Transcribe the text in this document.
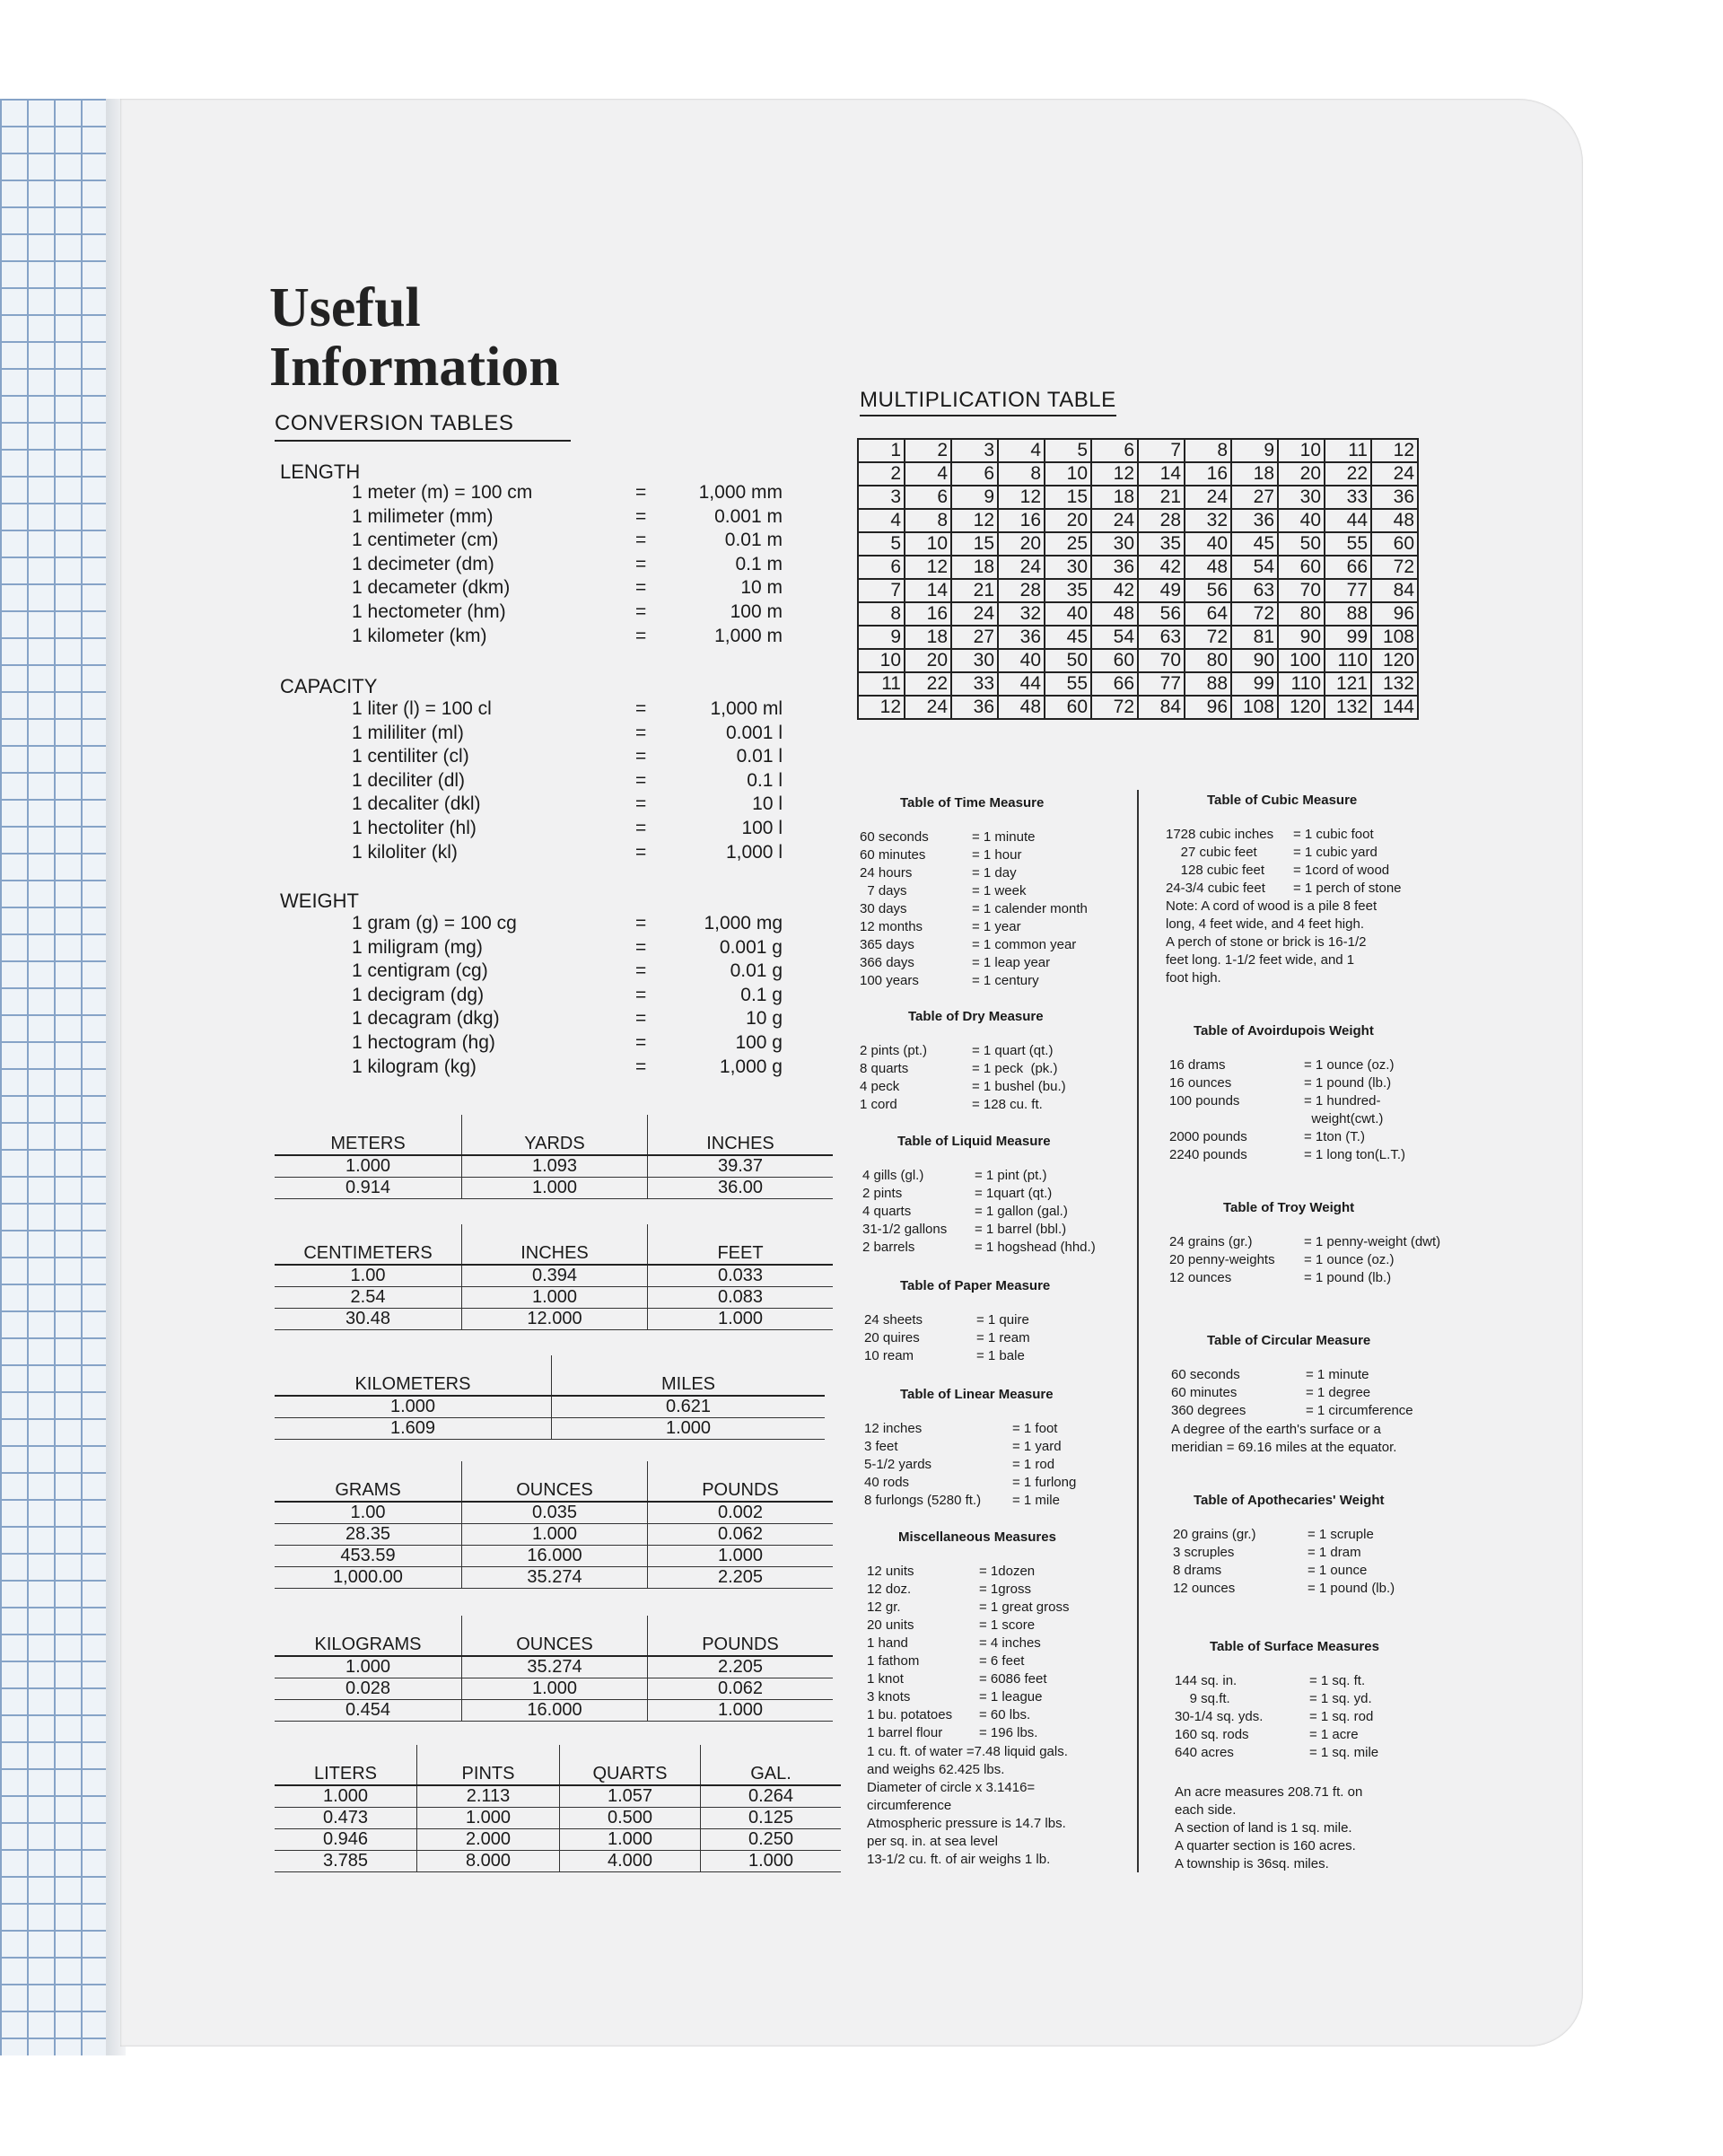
Useful
Information
CONVERSION TABLES
MULTIPLICATION TABLE
LENGTH
1 meter (m) = 100 cm	=	1,000 mm
1 milimeter (mm)	=	0.001 m
1 centimeter (cm)	=	0.01 m
1 decimeter (dm)	=	0.1 m
1 decameter (dkm)	=	10 m
1 hectometer (hm)	=	100 m
1 kilometer (km)	=	1,000 m
CAPACITY
1 liter (l) = 100 cl	=	1,000 ml
1 mililiter (ml)	=	0.001 l
1 centiliter (cl)	=	0.01 l
1 deciliter (dl)	=	0.1 l
1 decaliter (dkl)	=	10 l
1 hectoliter (hl)	=	100 l
1 kiloliter (kl)	=	1,000 l
WEIGHT
1 gram (g) = 100 cg	=	1,000 mg
1 miligram (mg)	=	0.001 g
1 centigram (cg)	=	0.01 g
1 decigram (dg)	=	0.1 g
1 decagram (dkg)	=	10 g
1 hectogram (hg)	=	100 g
1 kilogram (kg)	=	1,000 g
METERS	YARDS	INCHES
1.000	1.093	39.37
0.914	1.000	36.00
CENTIMETERS	INCHES	FEET
1.00	0.394	0.033
2.54	1.000	0.083
30.48	12.000	1.000
KILOMETERS	MILES
1.000	0.621
1.609	1.000
GRAMS	OUNCES	POUNDS
1.00	0.035	0.002
28.35	1.000	0.062
453.59	16.000	1.000
1,000.00	35.274	2.205
KILOGRAMS	OUNCES	POUNDS
1.000	35.274	2.205
0.028	1.000	0.062
0.454	16.000	1.000
LITERS	PINTS	QUARTS	GAL.
1.000	2.113	1.057	0.264
0.473	1.000	0.500	0.125
0.946	2.000	1.000	0.250
3.785	8.000	4.000	1.000
1	2	3	4	5	6	7	8	9	10	11	12
2	4	6	8	10	12	14	16	18	20	22	24
3	6	9	12	15	18	21	24	27	30	33	36
4	8	12	16	20	24	28	32	36	40	44	48
5	10	15	20	25	30	35	40	45	50	55	60
6	12	18	24	30	36	42	48	54	60	66	72
7	14	21	28	35	42	49	56	63	70	77	84
8	16	24	32	40	48	56	64	72	80	88	96
9	18	27	36	45	54	63	72	81	90	99	108
10	20	30	40	50	60	70	80	90	100	110	120
11	22	33	44	55	66	77	88	99	110	121	132
12	24	36	48	60	72	84	96	108	120	132	144
Table of Time Measure
60 seconds	= 1 minute
60 minutes	= 1 hour
24 hours	= 1 day
7 days	= 1 week
30 days	= 1 calender month
12 months	= 1 year
365 days	= 1 common year
366 days	= 1 leap year
100 years	= 1 century
Table of Dry Measure
2 pints (pt.)	= 1 quart (qt.)
8 quarts	= 1 peck  (pk.)
4 peck	= 1 bushel (bu.)
1 cord	= 128 cu. ft.
Table of Liquid Measure
4 gills (gl.)	= 1 pint (pt.)
2 pints	= 1quart (qt.)
4 quarts	= 1 gallon (gal.)
31-1/2 gallons = 1 barrel (bbl.)
2 barrels	= 1 hogshead (hhd.)
Table of Paper Measure
24 sheets	= 1 quire
20 quires	= 1 ream
10 ream	= 1 bale
Table of Linear Measure
12 inches	= 1 foot
3 feet	= 1 yard
5-1/2 yards	= 1 rod
40 rods	= 1 furlong
8 furlongs (5280 ft.) = 1 mile
Miscellaneous Measures
12 units	= 1dozen
12 doz.	= 1gross
12 gr.	= 1 great gross
20 units	= 1 score
1 hand	= 4 inches
1 fathom	= 6 feet
1 knot	= 6086 feet
3 knots	= 1 league
1 bu. potatoes = 60 lbs.
1 barrel flour	= 196 lbs.
Table of Cubic Measure
1728 cubic inches = 1 cubic foot
27 cubic feet	= 1 cubic yard
128 cubic feet = 1cord of wood
24-3/4 cubic feet = 1 perch of stone
Table of Avoirdupois Weight
16 drams	= 1 ounce (oz.)
16 ounces	= 1 pound (lb.)
100 pounds	= 1 hundred-
weight(cwt.)
2000 pounds	= 1ton (T.)
2240 pounds	= 1 long ton(L.T.)
Table of Troy Weight
24 grains (gr.)	= 1 penny-weight (dwt)
20 penny-weights = 1 ounce (oz.)
12 ounces	= 1 pound (lb.)
Table of Circular Measure
60 seconds	= 1 minute
60 minutes	= 1 degree
360 degrees	= 1 circumference
Table of Apothecaries' Weight
20 grains (gr.)	= 1 scruple
3 scruples	= 1 dram
8 drams	= 1 ounce
12 ounces	= 1 pound (lb.)
Table of Surface Measures
144 sq. in.	= 1 sq. ft.
9 sq.ft.	= 1 sq. yd.
30-1/4 sq. yds.	= 1 sq. rod
160 sq. rods	= 1 acre
640 acres	= 1 sq. mile
1 cu. ft. of water =7.48 liquid gals.
and weighs 62.425 lbs.
Diameter of circle x 3.1416=
circumference
Atmospheric pressure is 14.7 lbs.
per sq. in. at sea level
13-1/2 cu. ft. of air weighs 1 lb.
Note: A cord of wood is a pile 8 feet
long, 4 feet wide, and 4 feet high.
A perch of stone or brick is 16-1/2
feet long. 1-1/2 feet wide, and 1
foot high.
A degree of the earth's surface or a
meridian = 69.16 miles at the equator.
An acre measures 208.71 ft. on
each side.
A section of land is 1 sq. mile.
A quarter section is 160 acres.
A township is 36sq. miles.
